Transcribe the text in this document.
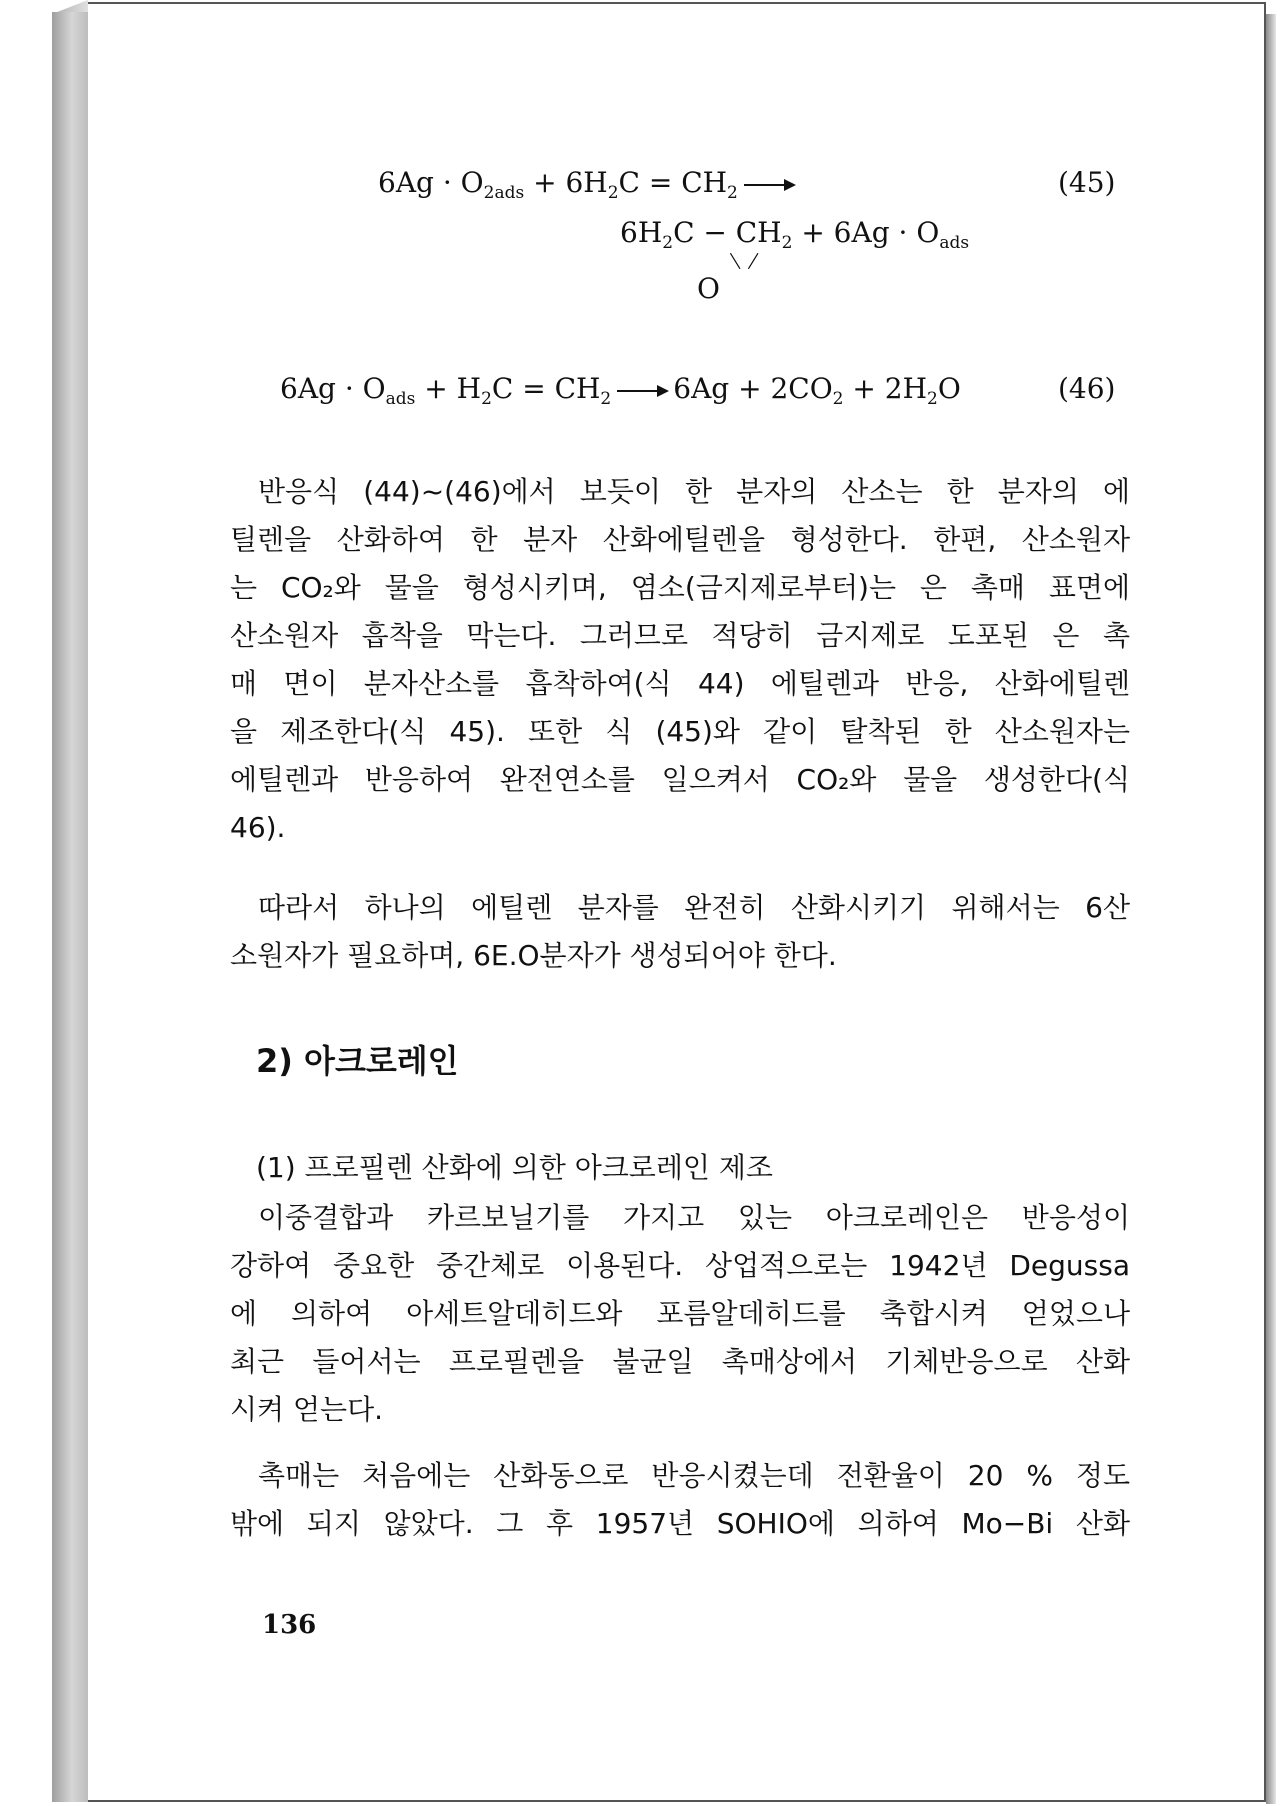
$6Ag \cdot O_{2ads} + 6H_2C = CH_2$ →	(45)
$6H_2C - CH_2 + 6Ag \cdot O_{ads}$
O
$6Ag \cdot O_{ads} + H_2C = CH_2 \to 6Ag + 2CO_2 + 2H_2O$	(46)
반응식 (44)~(46)에서 보듯이 한 분자의 산소는 한 분자의 에
틸렌을 산화하여 한 분자 산화에틸렌을 형성한다. 한편, 산소원자
는 CO₂와 물을 형성시키며, 염소(금지제로부터)는 은 촉매 표면에
산소원자 흡착을 막는다. 그러므로 적당히 금지제로 도포된 은 촉
매 면이 분자산소를 흡착하여(식 44) 에틸렌과 반응, 산화에틸렌
을 제조한다(식 45). 또한 식 (45)와 같이 탈착된 한 산소원자는
에틸렌과 반응하여 완전연소를 일으켜서 CO₂와 물을 생성한다(식
46).
따라서 하나의 에틸렌 분자를 완전히 산화시키기 위해서는 6산
소원자가 필요하며, 6E.O분자가 생성되어야 한다.
2) 아크로레인
(1) 프로필렌 산화에 의한 아크로레인 제조
이중결합과 카르보닐기를 가지고 있는 아크로레인은 반응성이
강하여 중요한 중간체로 이용된다. 상업적으로는 1942년 Degussa
에 의하여 아세트알데히드와 포름알데히드를 축합시켜 얻었으나
최근 들어서는 프로필렌을 불균일 촉매상에서 기체반응으로 산화
시켜 얻는다.
촉매는 처음에는 산화동으로 반응시켰는데 전환율이 20 % 정도
밖에 되지 않았다. 그 후 1957년 SOHIO에 의하여 Mo−Bi 산화
136
